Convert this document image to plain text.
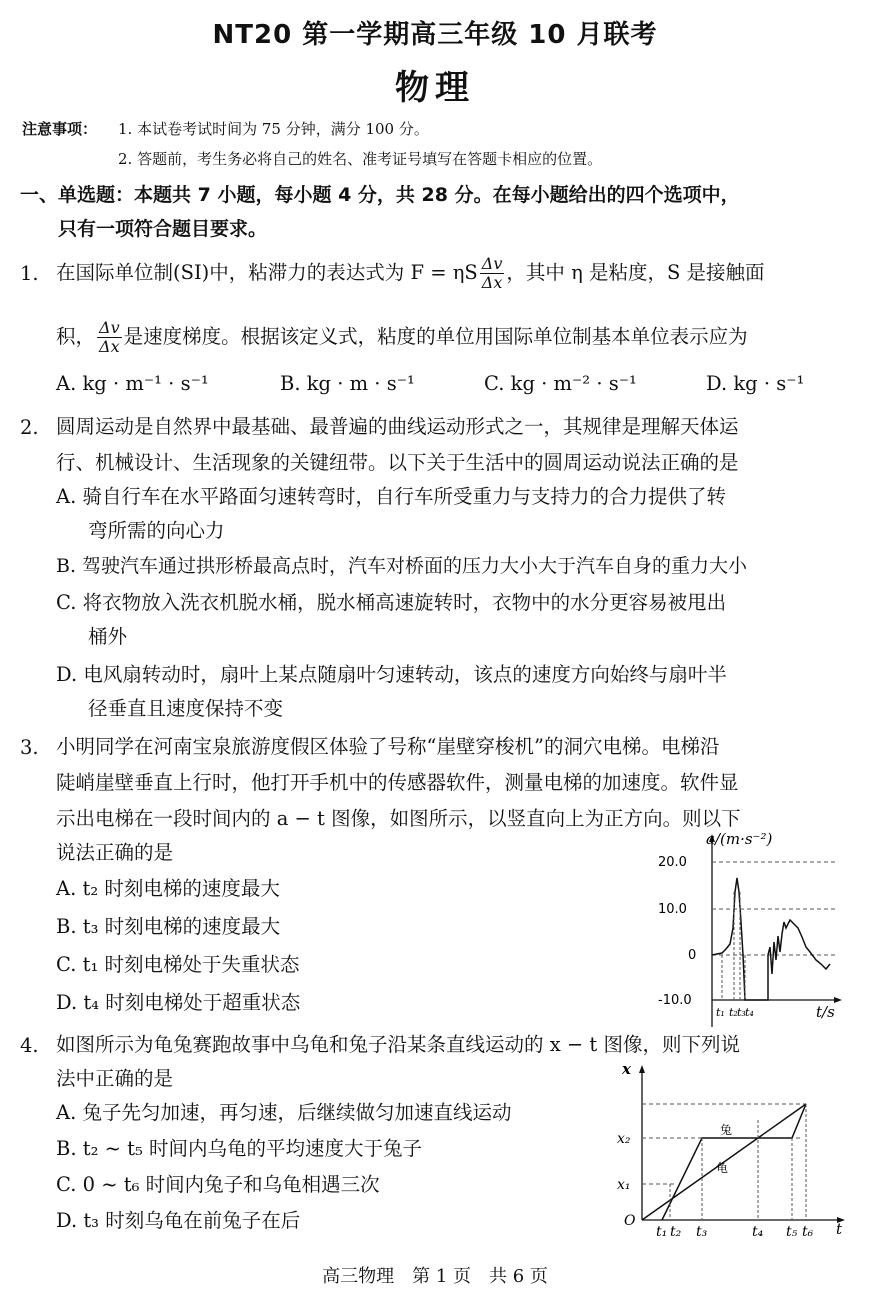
NT20 第一学期高三年级 10 月联考
物理
注意事项： 1. 本试卷考试时间为 75 分钟，满分 100 分。
2. 答题前，考生务必将自己的姓名、准考证号填写在答题卡相应的位置。
一、单选题：本题共 7 小题，每小题 4 分，共 28 分。在每小题给出的四个选项中，
只有一项符合题目要求。
1. 在国际单位制(SI)中，粘滞力的表达式为 F = ηS $\frac{\Delta v}{\Delta x}$ ，其中 η 是粘度，S 是接触面
积， $\frac{\Delta v}{\Delta x}$ 是速度梯度。根据该定义式，粘度的单位用国际单位制基本单位表示应为
A. kg · m⁻¹ · s⁻¹	B. kg · m · s⁻¹	C. kg · m⁻² · s⁻¹	D. kg · s⁻¹
2. 圆周运动是自然界中最基础、最普遍的曲线运动形式之一，其规律是理解天体运
行、机械设计、生活现象的关键纽带。以下关于生活中的圆周运动说法正确的是
A. 骑自行车在水平路面匀速转弯时，自行车所受重力与支持力的合力提供了转
弯所需的向心力
B. 驾驶汽车通过拱形桥最高点时，汽车对桥面的压力大小大于汽车自身的重力大小
C. 将衣物放入洗衣机脱水桶，脱水桶高速旋转时，衣物中的水分更容易被甩出
桶外
D. 电风扇转动时，扇叶上某点随扇叶匀速转动，该点的速度方向始终与扇叶半
径垂直且速度保持不变
3. 小明同学在河南宝泉旅游度假区体验了号称“崖壁穿梭机”的洞穴电梯。电梯沿
陡峭崖壁垂直上行时，他打开手机中的传感器软件，测量电梯的加速度。软件显
示出电梯在一段时间内的 a − t 图像，如图所示，以竖直向上为正方向。则以下
说法正确的是
A. t₂ 时刻电梯的速度最大
B. t₃ 时刻电梯的速度最大
C. t₁ 时刻电梯处于失重状态
D. t₄ 时刻电梯处于超重状态
a/(m·s⁻²)
20.0
10.0
0
-10.0
t₁ t₂ t₃ t₄	t/s
4. 如图所示为龟兔赛跑故事中乌龟和兔子沿某条直线运动的 x − t 图像，则下列说
法中正确的是
A. 兔子先匀加速，再匀速，后继续做匀加速直线运动
B. t₂ ~ t₅ 时间内乌龟的平均速度大于兔子
C. 0 ~ t₆ 时间内兔子和乌龟相遇三次
D. t₃ 时刻乌龟在前兔子在后
x
x₂
x₁
O
t₁ t₂ t₃	t₄ t₅ t₆ t
兔
龟
高三物理　第 1 页　共 6 页
